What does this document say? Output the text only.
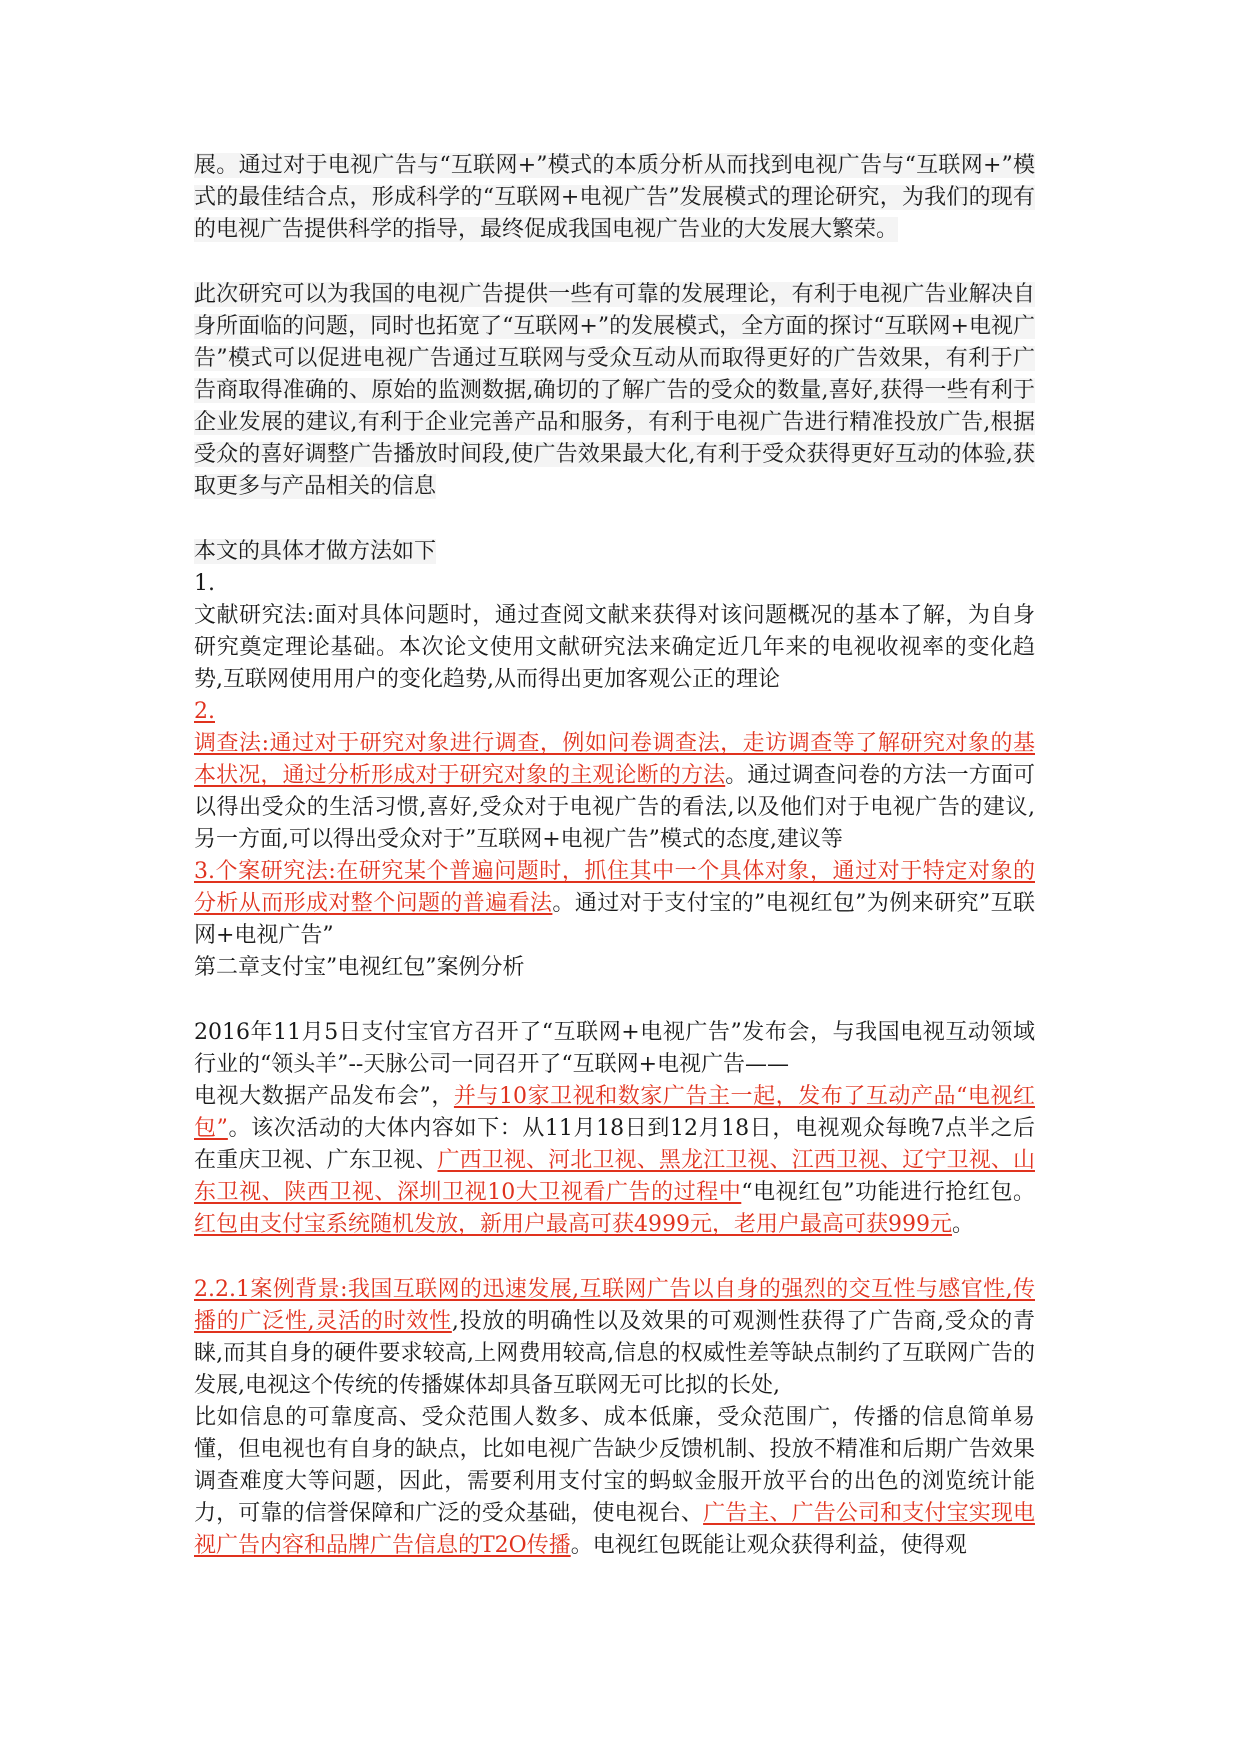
展。通过对于电视广告与“互联网+”模式的本质分析从而找到电视广告与“互联网+”模式的最佳结合点，形成科学的“互联网+电视广告”发展模式的理论研究，为我们的现有的电视广告提供科学的指导，最终促成我国电视广告业的大发展大繁荣。

此次研究可以为我国的电视广告提供一些有可靠的发展理论，有利于电视广告业解决自身所面临的问题，同时也拓宽了“互联网+”的发展模式，全方面的探讨“互联网+电视广告”模式可以促进电视广告通过互联网与受众互动从而取得更好的广告效果，有利于广告商取得准确的、原始的监测数据,确切的了解广告的受众的数量,喜好,获得一些有利于企业发展的建议,有利于企业完善产品和服务，有利于电视广告进行精准投放广告,根据受众的喜好调整广告播放时间段,使广告效果最大化,有利于受众获得更好互动的体验,获取更多与产品相关的信息

本文的具体才做方法如下

1.

文献研究法:面对具体问题时，通过查阅文献来获得对该问题概况的基本了解，为自身研究奠定理论基础。本次论文使用文献研究法来确定近几年来的电视收视率的变化趋势,互联网使用用户的变化趋势,从而得出更加客观公正的理论

2.

调查法:通过对于研究对象进行调查，例如问卷调查法，走访调查等了解研究对象的基本状况，通过分析形成对于研究对象的主观论断的方法。通过调查问卷的方法一方面可以得出受众的生活习惯,喜好,受众对于电视广告的看法,以及他们对于电视广告的建议,另一方面,可以得出受众对于”互联网+电视广告”模式的态度,建议等

3.个案研究法:在研究某个普遍问题时，抓住其中一个具体对象，通过对于特定对象的分析从而形成对整个问题的普遍看法。通过对于支付宝的”电视红包”为例来研究”互联网+电视广告”

第二章支付宝”电视红包”案例分析

2016年11月5日支付宝官方召开了“互联网+电视广告”发布会，与我国电视互动领域行业的“领头羊”--天脉公司一同召开了“互联网+电视广告——
电视大数据产品发布会”，并与10家卫视和数家广告主一起，发布了互动产品“电视红包”。该次活动的大体内容如下：从11月18日到12月18日，电视观众每晚7点半之后在重庆卫视、广东卫视、广西卫视、河北卫视、黑龙江卫视、江西卫视、辽宁卫视、山东卫视、陕西卫视、深圳卫视10大卫视看广告的过程中“电视红包”功能进行抢红包。红包由支付宝系统随机发放，新用户最高可获4999元，老用户最高可获999元。

2.2.1案例背景:我国互联网的迅速发展,互联网广告以自身的强烈的交互性与感官性,传播的广泛性,灵活的时效性,投放的明确性以及效果的可观测性获得了广告商,受众的青睐,而其自身的硬件要求较高,上网费用较高,信息的权威性差等缺点制约了互联网广告的发展,电视这个传统的传播媒体却具备互联网无可比拟的长处,

比如信息的可靠度高、受众范围人数多、成本低廉，受众范围广，传播的信息简单易懂，但电视也有自身的缺点，比如电视广告缺少反馈机制、投放不精准和后期广告效果调查难度大等问题，因此，需要利用支付宝的蚂蚁金服开放平台的出色的浏览统计能力，可靠的信誉保障和广泛的受众基础，使电视台、广告主、广告公司和支付宝实现电视广告内容和品牌广告信息的T2O传播。电视红包既能让观众获得利益，使得观
